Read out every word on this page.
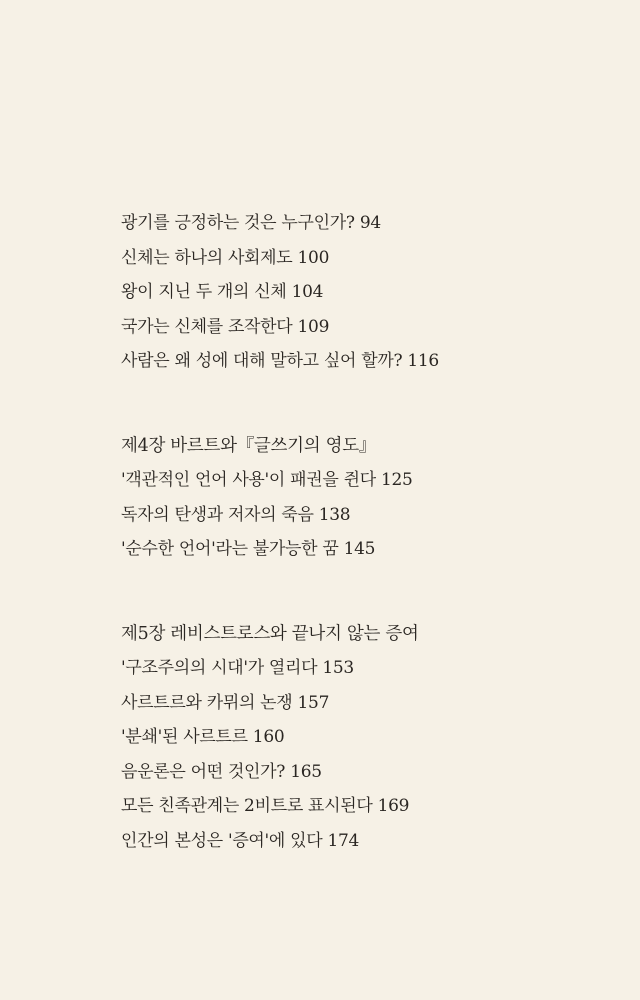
광기를 긍정하는 것은 누구인가? 94
신체는 하나의 사회제도 100
왕이 지닌 두 개의 신체 104
국가는 신체를 조작한다 109
사람은 왜 성에 대해 말하고 싶어 할까? 116
제4장 바르트와『글쓰기의 영도』
'객관적인 언어 사용'이 패권을 쥔다 125
독자의 탄생과 저자의 죽음 138
'순수한 언어'라는 불가능한 꿈 145
제5장 레비스트로스와 끝나지 않는 증여
'구조주의의 시대'가 열리다 153
사르트르와 카뮈의 논쟁 157
'분쇄'된 사르트르 160
음운론은 어떤 것인가? 165
모든 친족관계는 2비트로 표시된다 169
인간의 본성은 '증여'에 있다 174
